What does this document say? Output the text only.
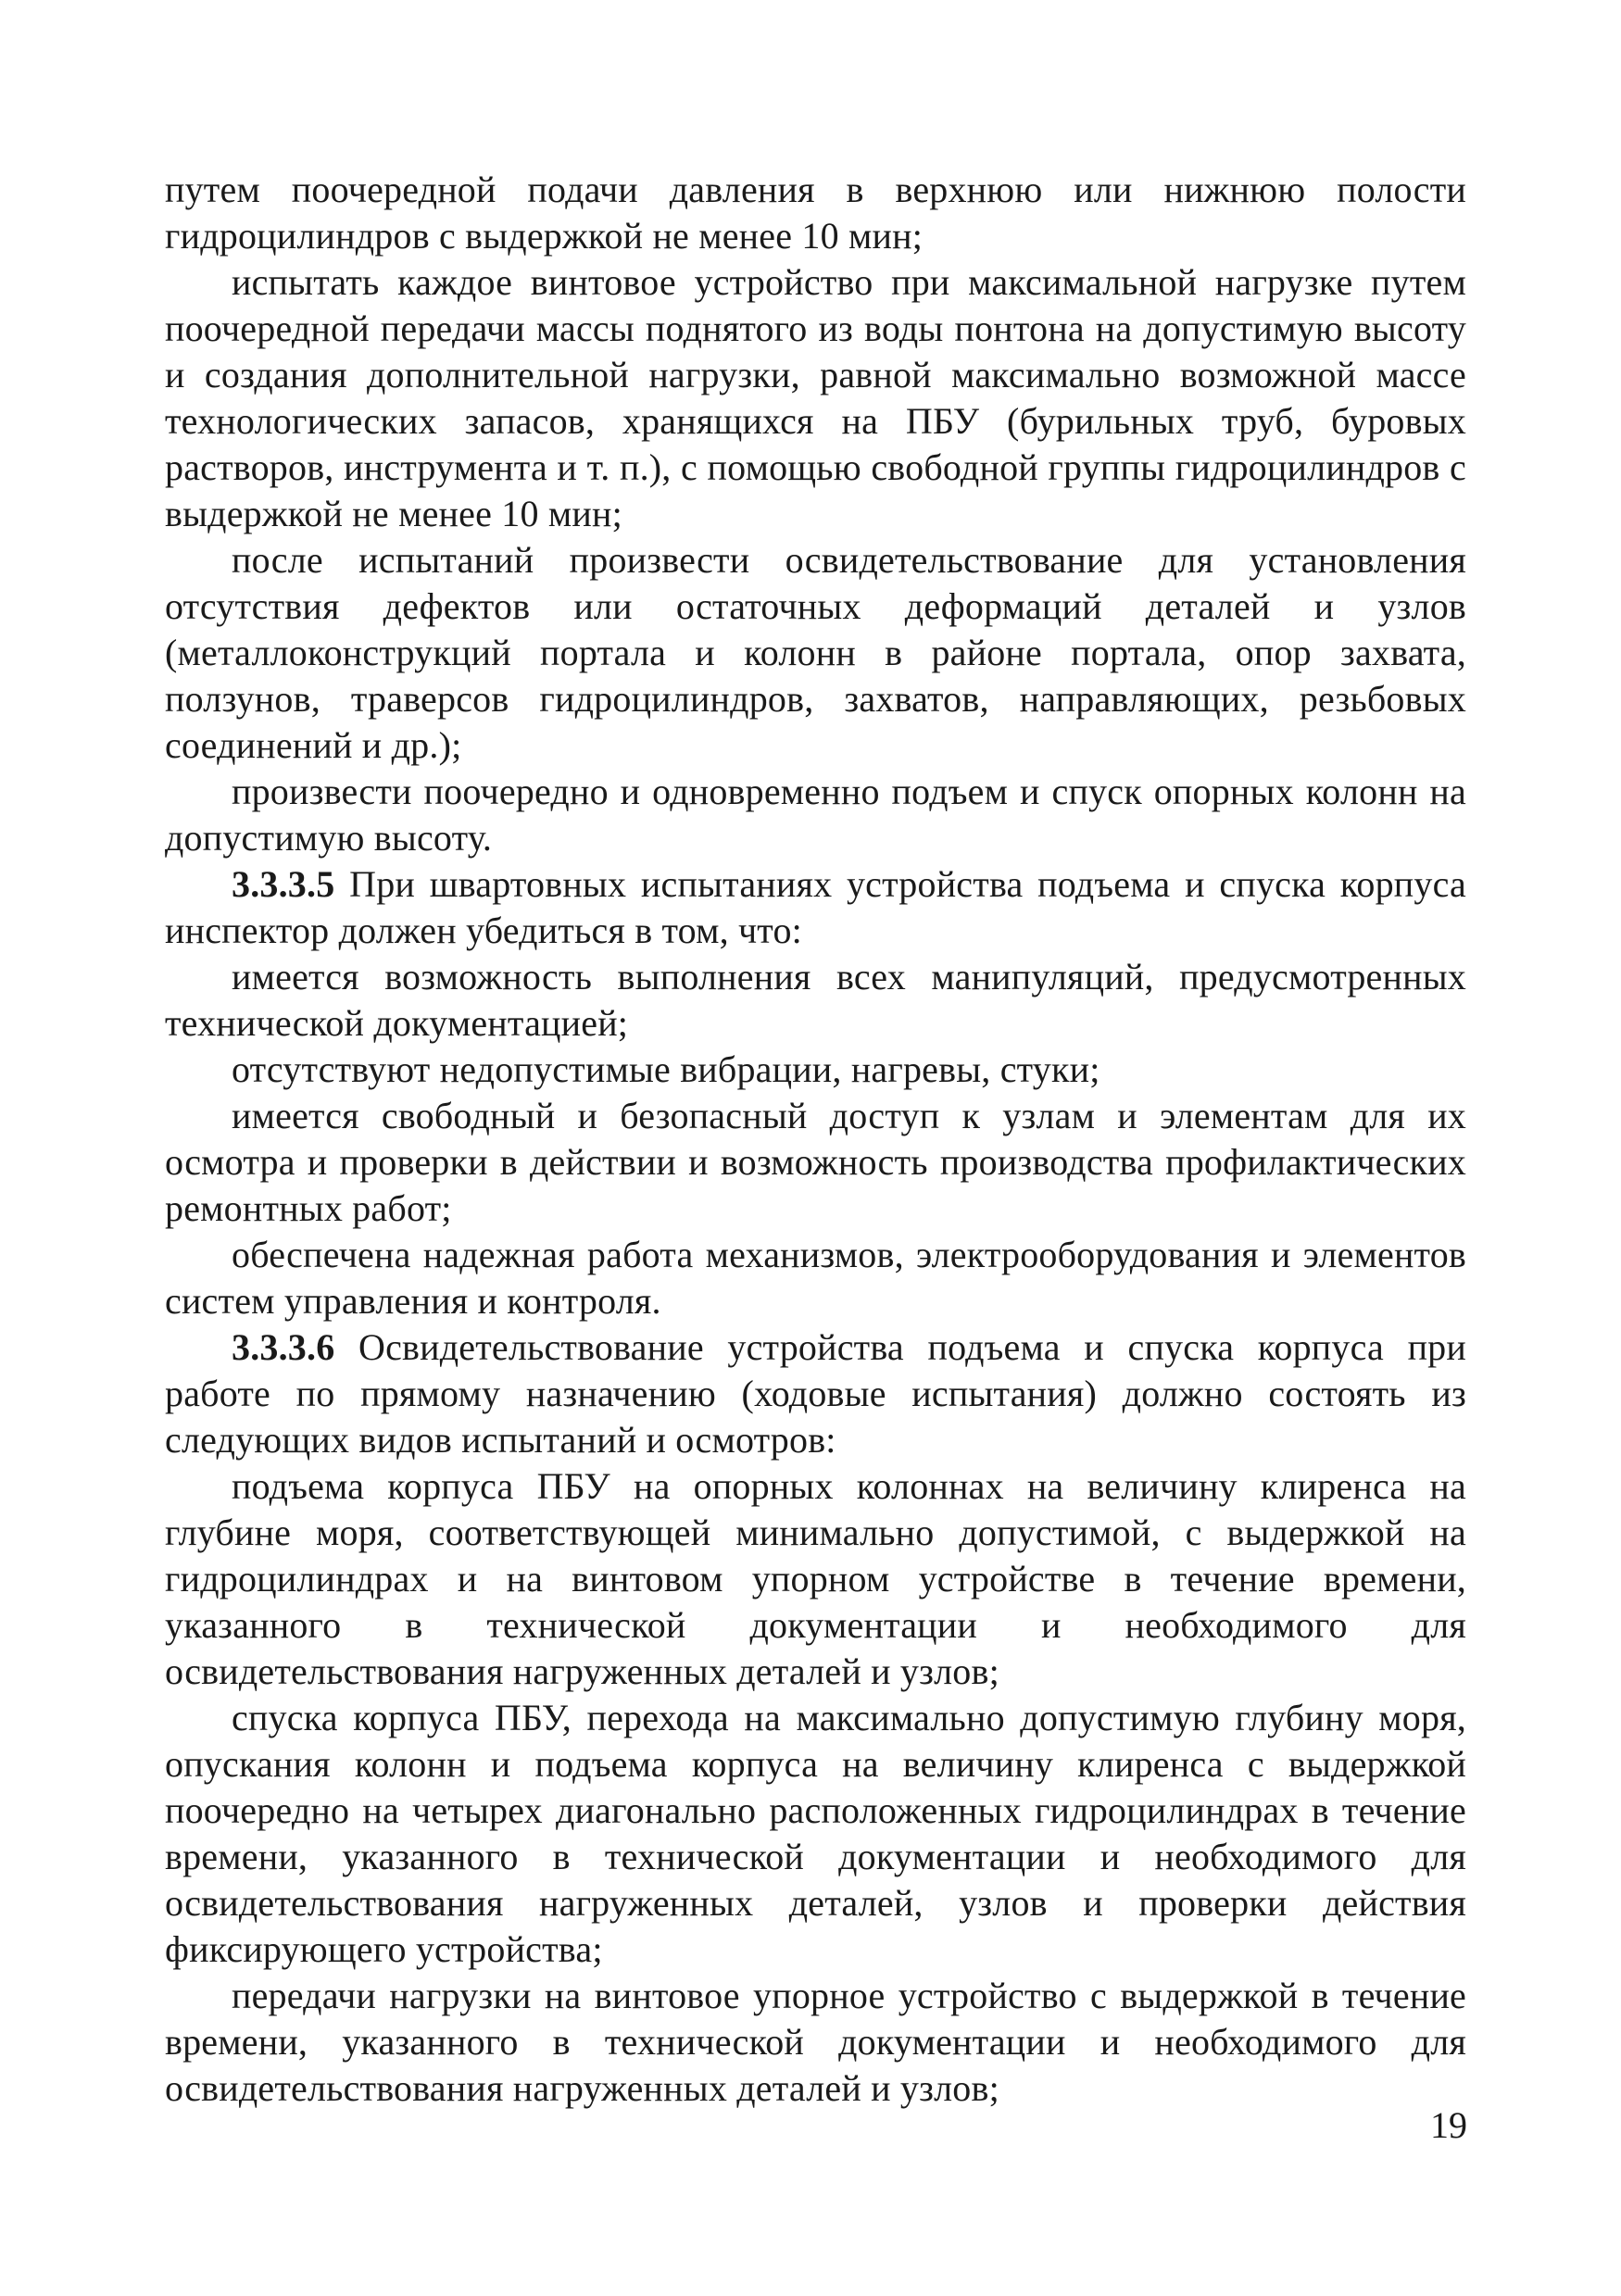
путем поочередной подачи давления в верхнюю или нижнюю полости гидроцилиндров с выдержкой не менее 10 мин;

испытать каждое винтовое устройство при максимальной нагрузке путем поочередной передачи массы поднятого из воды понтона на допустимую высоту и создания дополнительной нагрузки, равной максимально возможной массе технологических запасов, хранящихся на ПБУ (бурильных труб, буровых растворов, инструмента и т. п.), с помощью свободной группы гидроцилиндров с выдержкой не менее 10 мин;

после испытаний произвести освидетельствование для установления отсутствия дефектов или остаточных деформаций деталей и узлов (металлоконструкций портала и колонн в районе портала, опор захвата, ползунов, траверсов гидроцилиндров, захватов, направляющих, резьбовых соединений и др.);

произвести поочередно и одновременно подъем и спуск опорных колонн на допустимую высоту.

3.3.3.5 При швартовных испытаниях устройства подъема и спуска корпуса инспектор должен убедиться в том, что:

имеется возможность выполнения всех манипуляций, предусмотренных технической документацией;

отсутствуют недопустимые вибрации, нагревы, стуки;

имеется свободный и безопасный доступ к узлам и элементам для их осмотра и проверки в действии и возможность производства профилактических ремонтных работ;

обеспечена надежная работа механизмов, электрооборудования и элементов систем управления и контроля.

3.3.3.6 Освидетельствование устройства подъема и спуска корпуса при работе по прямому назначению (ходовые испытания) должно состоять из следующих видов испытаний и осмотров:

подъема корпуса ПБУ на опорных колоннах на величину клиренса на глубине моря, соответствующей минимально допустимой, с выдержкой на гидроцилиндрах и на винтовом упорном устройстве в течение времени, указанного в технической документации и необходимого для освидетельствования нагруженных деталей и узлов;

спуска корпуса ПБУ, перехода на максимально допустимую глубину моря, опускания колонн и подъема корпуса на величину клиренса с выдержкой поочередно на четырех диагонально расположенных гидроцилиндрах в течение времени, указанного в технической документации и необходимого для освидетельствования нагруженных деталей, узлов и проверки действия фиксирующего устройства;

передачи нагрузки на винтовое упорное устройство с выдержкой в течение времени, указанного в технической документации и необходимого для освидетельствования нагруженных деталей и узлов;

19
